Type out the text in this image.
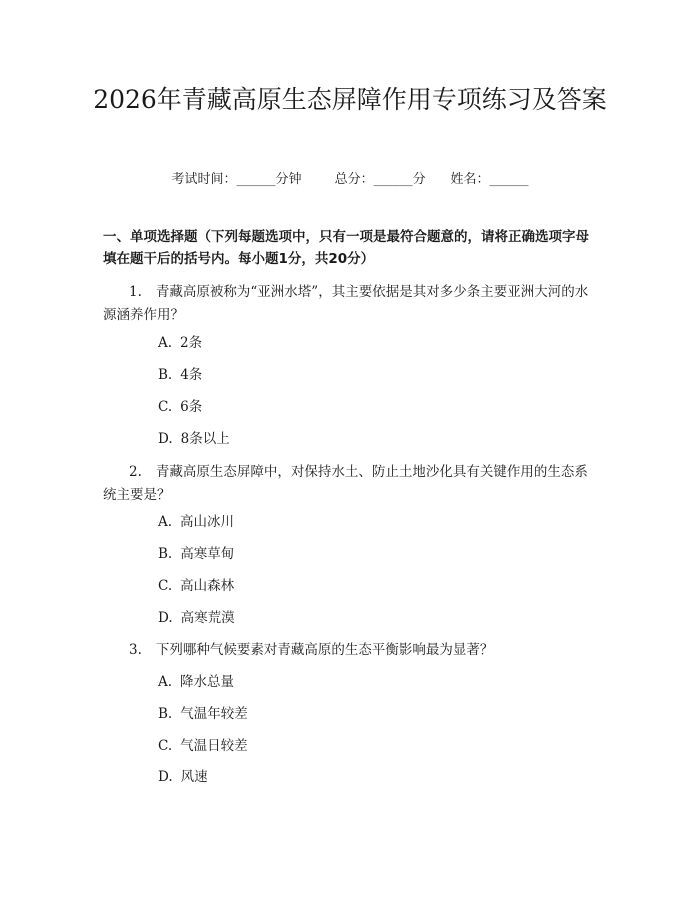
2026年青藏高原生态屏障作用专项练习及答案
考试时间：______分钟	总分：______分 姓名：______

一、单项选择题（下列每题选项中，只有一项是最符合题意的，请将正确选项字母填在题干后的括号内。每小题1分，共20分）

1. 青藏高原被称为“亚洲水塔”，其主要依据是其对多少条主要亚洲大河的水源涵养作用？

A. 2条
B. 4条
C. 6条
D. 8条以上

2. 青藏高原生态屏障中，对保持水土、防止土地沙化具有关键作用的生态系统主要是？

A. 高山冰川
B. 高寒草甸
C. 高山森林
D. 高寒荒漠

3. 下列哪种气候要素对青藏高原的生态平衡影响最为显著？

A. 降水总量
B. 气温年较差
C. 气温日较差
D. 风速
